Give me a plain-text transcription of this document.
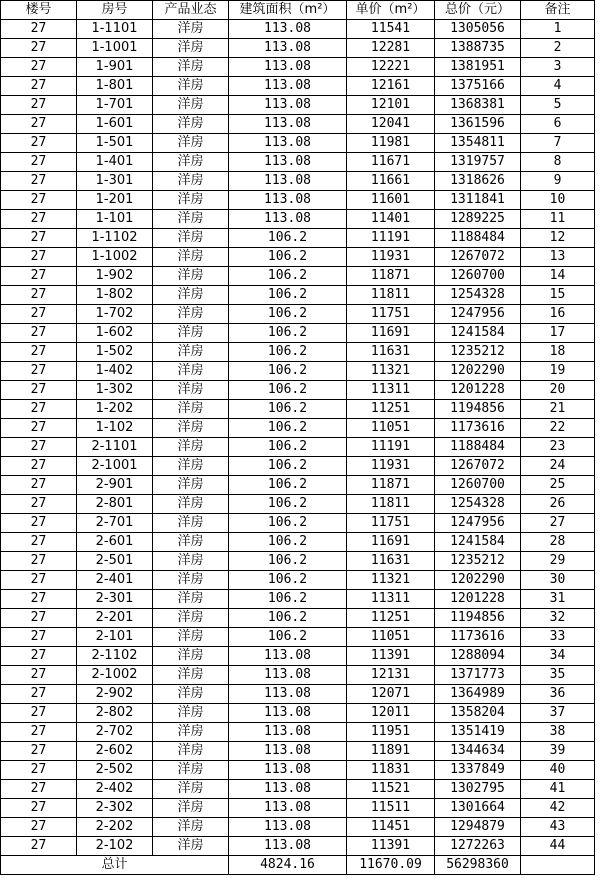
楼号	房号	产品业态	建筑面积（m²）	单价（m²）	总价（元）	备注
27	1-1101	洋房	113.08	11541	1305056	1
27	1-1001	洋房	113.08	12281	1388735	2
27	1-901	洋房	113.08	12221	1381951	3
27	1-801	洋房	113.08	12161	1375166	4
27	1-701	洋房	113.08	12101	1368381	5
27	1-601	洋房	113.08	12041	1361596	6
27	1-501	洋房	113.08	11981	1354811	7
27	1-401	洋房	113.08	11671	1319757	8
27	1-301	洋房	113.08	11661	1318626	9
27	1-201	洋房	113.08	11601	1311841	10
27	1-101	洋房	113.08	11401	1289225	11
27	1-1102	洋房	106.2	11191	1188484	12
27	1-1002	洋房	106.2	11931	1267072	13
27	1-902	洋房	106.2	11871	1260700	14
27	1-802	洋房	106.2	11811	1254328	15
27	1-702	洋房	106.2	11751	1247956	16
27	1-602	洋房	106.2	11691	1241584	17
27	1-502	洋房	106.2	11631	1235212	18
27	1-402	洋房	106.2	11321	1202290	19
27	1-302	洋房	106.2	11311	1201228	20
27	1-202	洋房	106.2	11251	1194856	21
27	1-102	洋房	106.2	11051	1173616	22
27	2-1101	洋房	106.2	11191	1188484	23
27	2-1001	洋房	106.2	11931	1267072	24
27	2-901	洋房	106.2	11871	1260700	25
27	2-801	洋房	106.2	11811	1254328	26
27	2-701	洋房	106.2	11751	1247956	27
27	2-601	洋房	106.2	11691	1241584	28
27	2-501	洋房	106.2	11631	1235212	29
27	2-401	洋房	106.2	11321	1202290	30
27	2-301	洋房	106.2	11311	1201228	31
27	2-201	洋房	106.2	11251	1194856	32
27	2-101	洋房	106.2	11051	1173616	33
27	2-1102	洋房	113.08	11391	1288094	34
27	2-1002	洋房	113.08	12131	1371773	35
27	2-902	洋房	113.08	12071	1364989	36
27	2-802	洋房	113.08	12011	1358204	37
27	2-702	洋房	113.08	11951	1351419	38
27	2-602	洋房	113.08	11891	1344634	39
27	2-502	洋房	113.08	11831	1337849	40
27	2-402	洋房	113.08	11521	1302795	41
27	2-302	洋房	113.08	11511	1301664	42
27	2-202	洋房	113.08	11451	1294879	43
27	2-102	洋房	113.08	11391	1272263	44
总计			4824.16	11670.09	56298360	
